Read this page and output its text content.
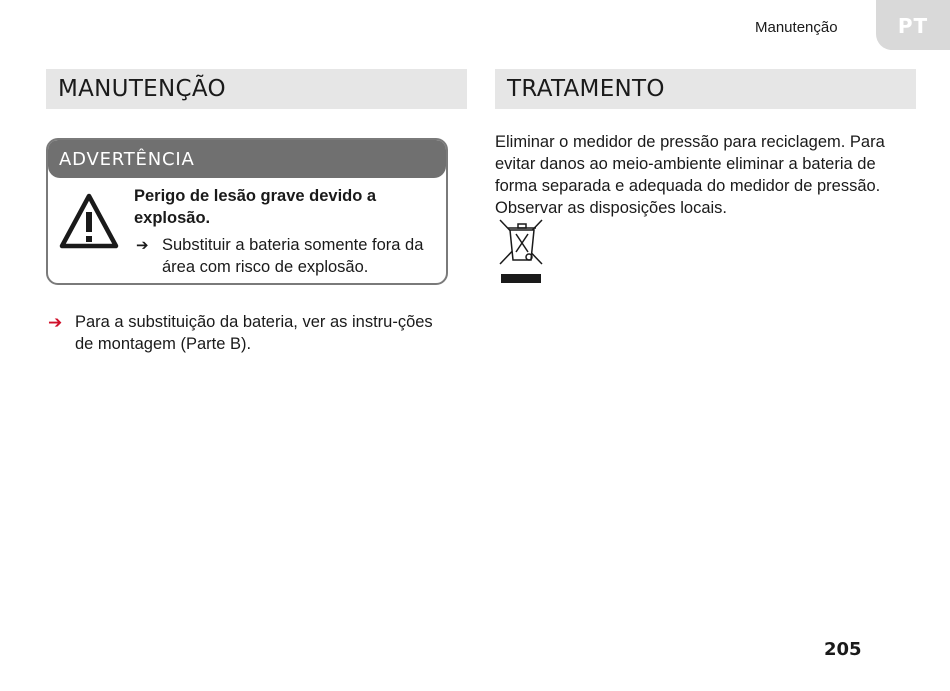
Manutenção	PT
MANUTENÇÃO	TRATAMENTO
ADVERTÊNCIA
Perigo de lesão grave devido a explosão.
➔ Substituir a bateria somente fora da área com risco de explosão.
➔ Para a substituição da bateria, ver as instru-ções de montagem (Parte B).
Eliminar o medidor de pressão para reciclagem. Para evitar danos ao meio-ambiente eliminar a bateria de forma separada e adequada do medidor de pressão. Observar as disposições locais.
205
